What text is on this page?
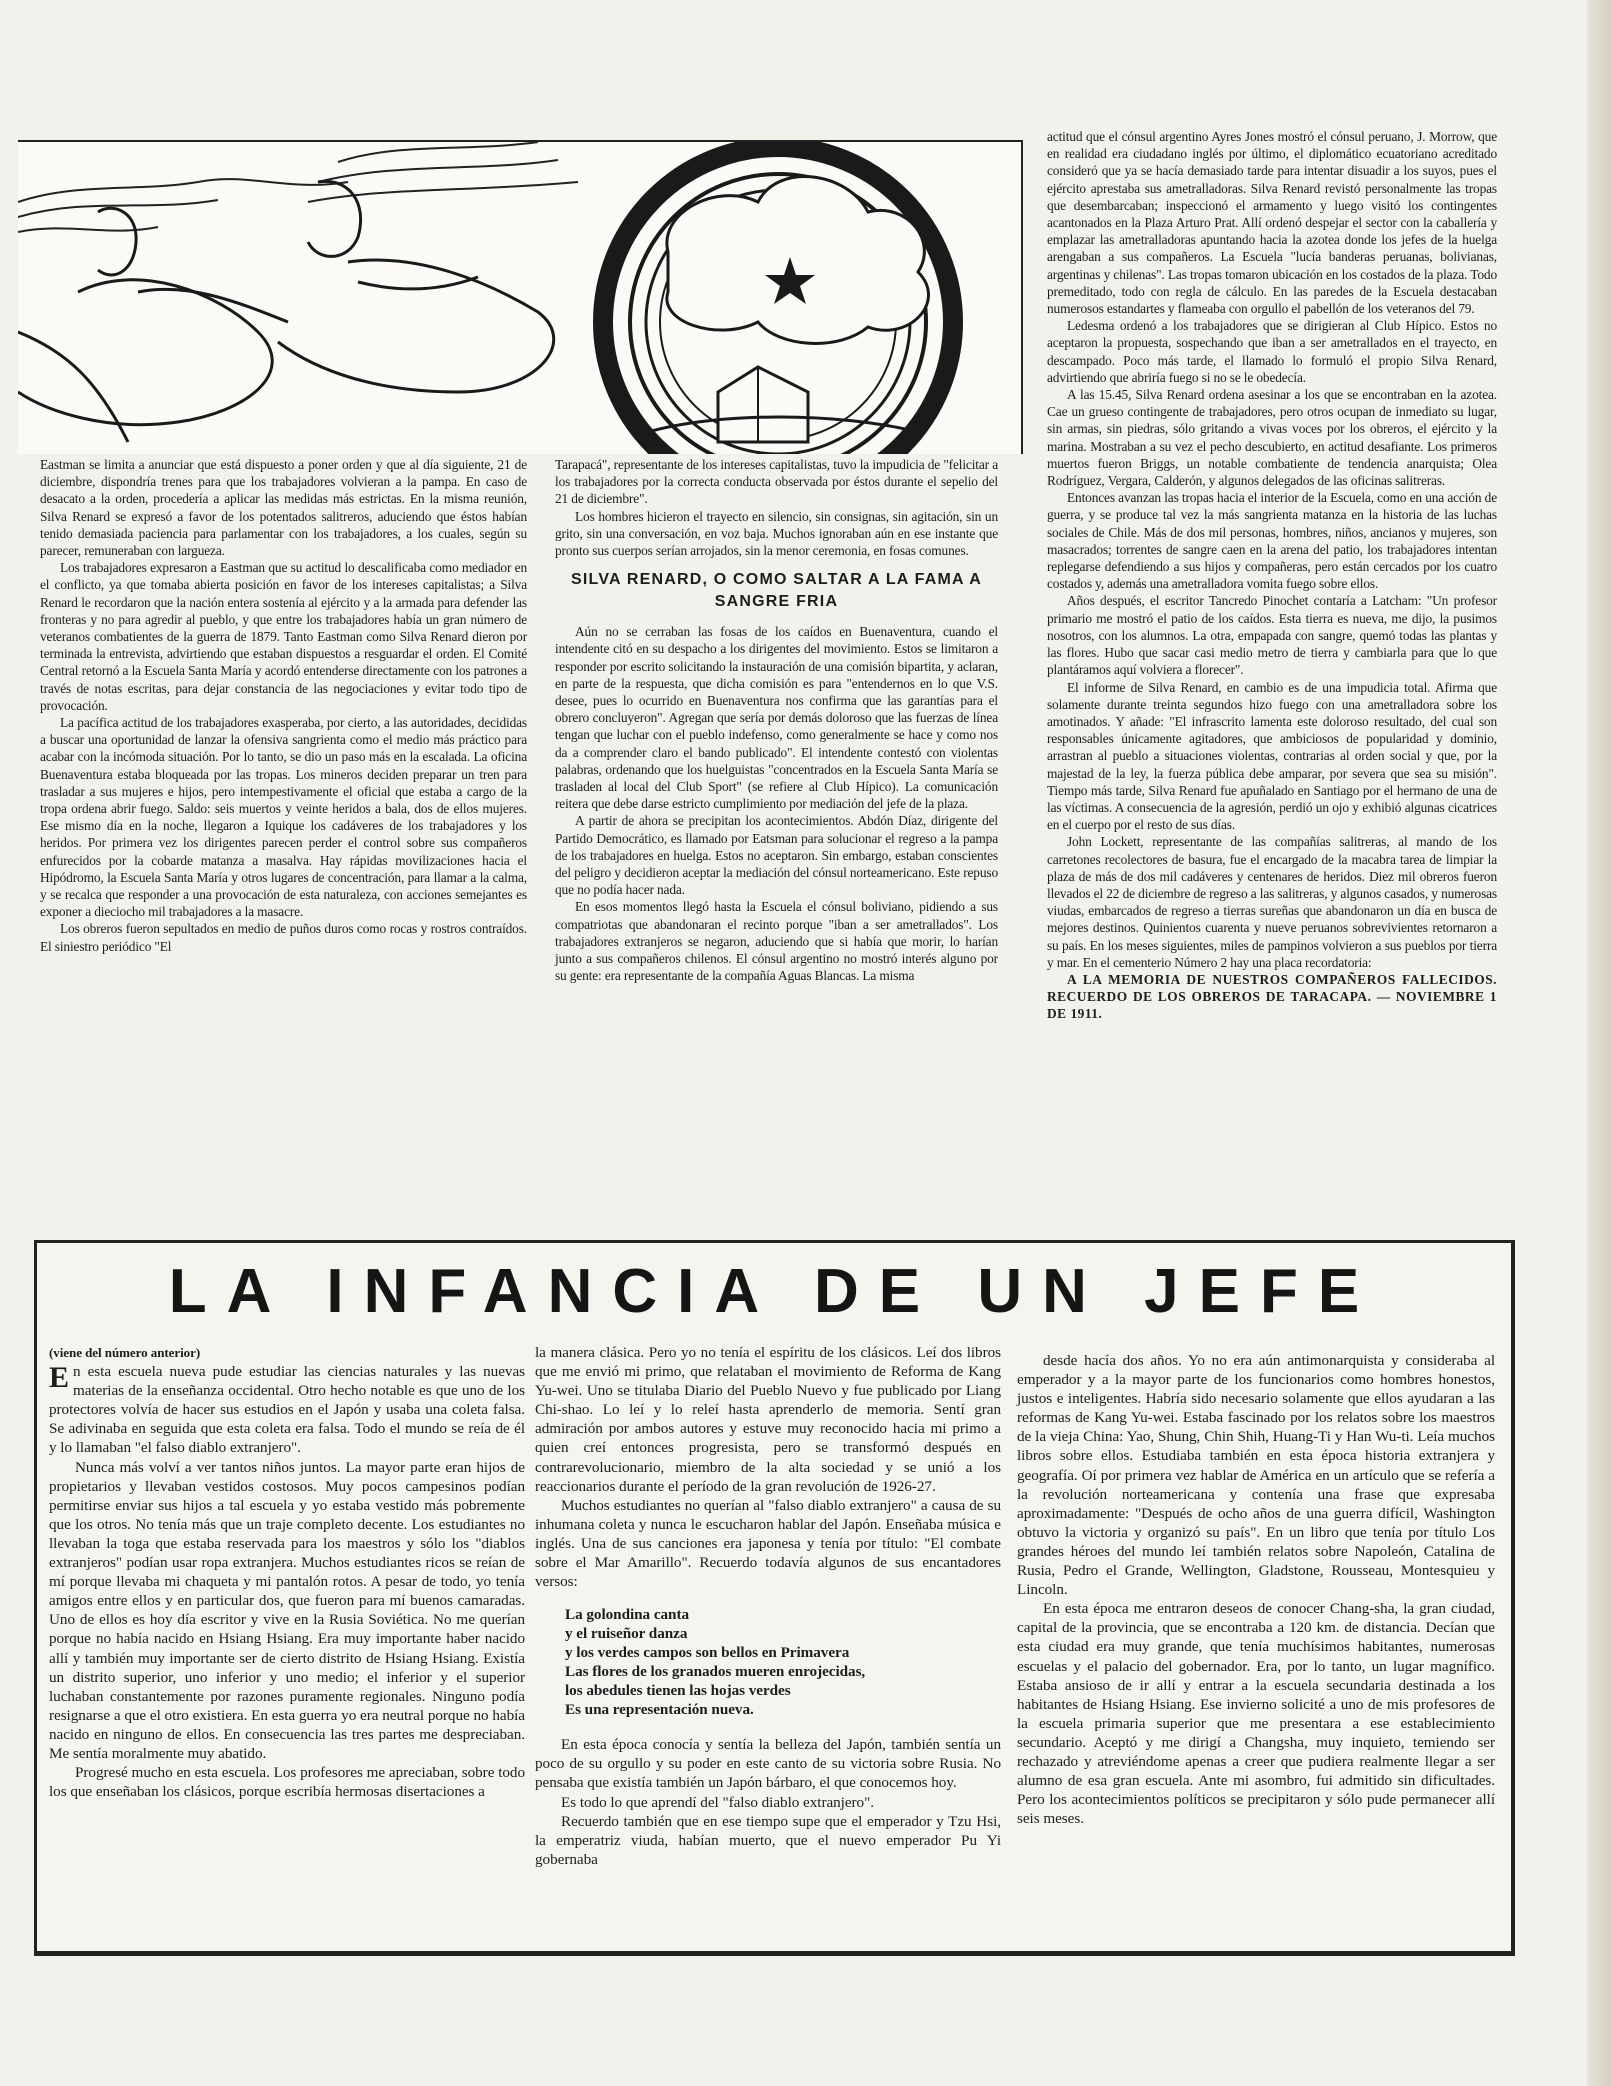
Eastman se limita a anunciar que está dispuesto a poner orden y que al día siguiente, 21 de diciembre, dispondría trenes para que los trabajadores volvieran a la pampa. En caso de desacato a la orden, procedería a aplicar las medidas más estrictas. En la misma reunión, Silva Renard se expresó a favor de los potentados salitreros, aduciendo que éstos habían tenido demasiada paciencia para parlamentar con los trabajadores, a los cuales, según su parecer, remuneraban con largueza.

Los trabajadores expresaron a Eastman que su actitud lo descalificaba como mediador en el conflicto, ya que tomaba abierta posición en favor de los intereses capitalistas; a Silva Renard le recordaron que la nación entera sostenía al ejército y a la armada para defender las fronteras y no para agredir al pueblo, y que entre los trabajadores había un gran número de veteranos combatientes de la guerra de 1879. Tanto Eastman como Silva Renard dieron por terminada la entrevista, advirtiendo que estaban dispuestos a resguardar el orden. El Comité Central retornó a la Escuela Santa María y acordó entenderse directamente con los patrones a través de notas escritas, para dejar constancia de las negociaciones y evitar todo tipo de provocación.

La pacífica actitud de los trabajadores exasperaba, por cierto, a las autoridades, decididas a buscar una oportunidad de lanzar la ofensiva sangrienta como el medio más práctico para acabar con la incómoda situación. Por lo tanto, se dio un paso más en la escalada. La oficina Buenaventura estaba bloqueada por las tropas. Los mineros deciden preparar un tren para trasladar a sus mujeres e hijos, pero intempestivamente el oficial que estaba a cargo de la tropa ordena abrir fuego. Saldo: seis muertos y veinte heridos a bala, dos de ellos mujeres. Ese mismo día en la noche, llegaron a Iquique los cadáveres de los trabajadores y los heridos. Por primera vez los dirigentes parecen perder el control sobre sus compañeros enfurecidos por la cobarde matanza a masalva. Hay rápidas movilizaciones hacia el Hipódromo, la Escuela Santa María y otros lugares de concentración, para llamar a la calma, y se recalca que responder a una provocación de esta naturaleza, con acciones semejantes es exponer a dieciocho mil trabajadores a la masacre.

Los obreros fueron sepultados en medio de puños duros como rocas y rostros contraídos. El siniestro periódico "El

Tarapacá", representante de los intereses capitalistas, tuvo la impudicia de "felicitar a los trabajadores por la correcta conducta observada por éstos durante el sepelio del 21 de diciembre".

Los hombres hicieron el trayecto en silencio, sin consignas, sin agitación, sin un grito, sin una conversación, en voz baja. Muchos ignoraban aún en ese instante que pronto sus cuerpos serían arrojados, sin la menor ceremonia, en fosas comunes.

SILVA RENARD, O COMO SALTAR A LA FAMA A SANGRE FRIA

Aún no se cerraban las fosas de los caídos en Buenaventura, cuando el intendente citó en su despacho a los dirigentes del movimiento. Estos se limitaron a responder por escrito solicitando la instauración de una comisión bipartita, y aclaran, en parte de la respuesta, que dicha comisión es para "entendernos en lo que V.S. desee, pues lo ocurrido en Buenaventura nos confirma que las garantías para el obrero concluyeron". Agregan que sería por demás doloroso que las fuerzas de línea tengan que luchar con el pueblo indefenso, como generalmente se hace y como nos da a comprender claro el bando publicado". El intendente contestó con violentas palabras, ordenando que los huelguistas "concentrados en la Escuela Santa María se trasladen al local del Club Sport" (se refiere al Club Hípico). La comunicación reitera que debe darse estricto cumplimiento por mediación del jefe de la plaza.

A partir de ahora se precipitan los acontecimientos. Abdón Díaz, dirigente del Partido Democrático, es llamado por Eatsman para solucionar el regreso a la pampa de los trabajadores en huelga. Estos no aceptaron. Sin embargo, estaban conscientes del peligro y decidieron aceptar la mediación del cónsul norteamericano. Este repuso que no podía hacer nada.

En esos momentos llegó hasta la Escuela el cónsul boliviano, pidiendo a sus compatriotas que abandonaran el recinto porque "iban a ser ametrallados". Los trabajadores extranjeros se negaron, aduciendo que si había que morir, lo harían junto a sus compañeros chilenos. El cónsul argentino no mostró interés alguno por su gente: era representante de la compañía Aguas Blancas. La misma

actitud que el cónsul argentino Ayres Jones mostró el cónsul peruano, J. Morrow, que en realidad era ciudadano inglés por último, el diplomático ecuatoriano acreditado consideró que ya se hacía demasiado tarde para intentar disuadir a los suyos, pues el ejército aprestaba sus ametralladoras. Silva Renard revistó personalmente las tropas que desembarcaban; inspeccionó el armamento y luego visitó los contingentes acantonados en la Plaza Arturo Prat. Allí ordenó despejar el sector con la caballería y emplazar las ametralladoras apuntando hacia la azotea donde los jefes de la huelga arengaban a sus compañeros. La Escuela "lucía banderas peruanas, bolivianas, argentinas y chilenas". Las tropas tomaron ubicación en los costados de la plaza. Todo premeditado, todo con regla de cálculo. En las paredes de la Escuela destacaban numerosos estandartes y flameaba con orgullo el pabellón de los veteranos del 79.

Ledesma ordenó a los trabajadores que se dirigieran al Club Hípico. Estos no aceptaron la propuesta, sospechando que iban a ser ametrallados en el trayecto, en descampado. Poco más tarde, el llamado lo formuló el propio Silva Renard, advirtiendo que abriría fuego si no se le obedecía.

A las 15.45, Silva Renard ordena asesinar a los que se encontraban en la azotea. Cae un grueso contingente de trabajadores, pero otros ocupan de inmediato su lugar, sin armas, sin piedras, sólo gritando a vivas voces por los obreros, el ejército y la marina. Mostraban a su vez el pecho descubierto, en actitud desafiante. Los primeros muertos fueron Briggs, un notable combatiente de tendencia anarquista; Olea Rodríguez, Vergara, Calderón, y algunos delegados de las oficinas salitreras.

Entonces avanzan las tropas hacia el interior de la Escuela, como en una acción de guerra, y se produce tal vez la más sangrienta matanza en la historia de las luchas sociales de Chile. Más de dos mil personas, hombres, niños, ancianos y mujeres, son masacrados; torrentes de sangre caen en la arena del patio, los trabajadores intentan replegarse defendiendo a sus hijos y compañeras, pero están cercados por los cuatro costados y, además una ametralladora vomita fuego sobre ellos.

Años después, el escritor Tancredo Pinochet contaría a Latcham: "Un profesor primario me mostró el patio de los caídos. Esta tierra es nueva, me dijo, la pusimos nosotros, con los alumnos. La otra, empapada con sangre, quemó todas las plantas y las flores. Hubo que sacar casi medio metro de tierra y cambiarla para que lo que plantáramos aquí volviera a florecer".

El informe de Silva Renard, en cambio es de una impudicia total. Afirma que solamente durante treinta segundos hizo fuego con una ametralladora sobre los amotinados. Y añade: "El infrascrito lamenta este doloroso resultado, del cual son responsables únicamente agitadores, que ambiciosos de popularidad y dominio, arrastran al pueblo a situaciones violentas, contrarias al orden social y que, por la majestad de la ley, la fuerza pública debe amparar, por severa que sea su misión". Tiempo más tarde, Silva Renard fue apuñalado en Santiago por el hermano de una de las víctimas. A consecuencia de la agresión, perdió un ojo y exhibió algunas cicatrices en el cuerpo por el resto de sus días.

John Lockett, representante de las compañías salitreras, al mando de los carretones recolectores de basura, fue el encargado de la macabra tarea de limpiar la plaza de más de dos mil cadáveres y centenares de heridos. Diez mil obreros fueron llevados el 22 de diciembre de regreso a las salitreras, y algunos casados, y numerosas viudas, embarcados de regreso a tierras sureñas que abandonaron un día en busca de mejores destinos. Quinientos cuarenta y nueve peruanos sobrevivientes retornaron a su país. En los meses siguientes, miles de pampinos volvieron a sus pueblos por tierra y mar. En el cementerio Número 2 hay una placa recordatoria:

A LA MEMORIA DE NUESTROS COMPAÑEROS FALLECIDOS. RECUERDO DE LOS OBREROS DE TARACAPA. — NOVIEMBRE 1 DE 1911.

LA INFANCIA DE UN JEFE

(viene del número anterior)

En esta escuela nueva pude estudiar las ciencias naturales y las nuevas materias de la enseñanza occidental. Otro hecho notable es que uno de los protectores volvía de hacer sus estudios en el Japón y usaba una coleta falsa. Se adivinaba en seguida que esta coleta era falsa. Todo el mundo se reía de él y lo llamaban "el falso diablo extranjero".

Nunca más volví a ver tantos niños juntos. La mayor parte eran hijos de propietarios y llevaban vestidos costosos. Muy pocos campesinos podían permitirse enviar sus hijos a tal escuela y yo estaba vestido más pobremente que los otros. No tenía más que un traje completo decente. Los estudiantes no llevaban la toga que estaba reservada para los maestros y sólo los "diablos extranjeros" podían usar ropa extranjera. Muchos estudiantes ricos se reían de mí porque llevaba mi chaqueta y mi pantalón rotos. A pesar de todo, yo tenía amigos entre ellos y en particular dos, que fueron para mí buenos camaradas. Uno de ellos es hoy día escritor y vive en la Rusia Soviética. No me querían porque no había nacido en Hsiang Hsiang. Era muy importante haber nacido allí y también muy importante ser de cierto distrito de Hsiang Hsiang. Existía un distrito superior, uno inferior y uno medio; el inferior y el superior luchaban constantemente por razones puramente regionales. Ninguno podía resignarse a que el otro existiera. En esta guerra yo era neutral porque no había nacido en ninguno de ellos. En consecuencia las tres partes me despreciaban. Me sentía moralmente muy abatido.

Progresé mucho en esta escuela. Los profesores me apreciaban, sobre todo los que enseñaban los clásicos, porque escribía hermosas disertaciones a

la manera clásica. Pero yo no tenía el espíritu de los clásicos. Leí dos libros que me envió mi primo, que relataban el movimiento de Reforma de Kang Yu-wei. Uno se titulaba Diario del Pueblo Nuevo y fue publicado por Liang Chi-shao. Lo leí y lo releí hasta aprenderlo de memoria. Sentí gran admiración por ambos autores y estuve muy reconocido hacia mi primo a quien creí entonces progresista, pero se transformó después en contrarevolucionario, miembro de la alta sociedad y se unió a los reaccionarios durante el período de la gran revolución de 1926-27.

Muchos estudiantes no querían al "falso diablo extranjero" a causa de su inhumana coleta y nunca le escucharon hablar del Japón. Enseñaba música e inglés. Una de sus canciones era japonesa y tenía por título: "El combate sobre el Mar Amarillo". Recuerdo todavía algunos de sus encantadores versos:

La golondina canta
y el ruiseñor danza
y los verdes campos son bellos en Primavera
Las flores de los granados mueren enrojecidas,
los abedules tienen las hojas verdes
Es una representación nueva.

En esta época conocía y sentía la belleza del Japón, también sentía un poco de su orgullo y su poder en este canto de su victoria sobre Rusia. No pensaba que existía también un Japón bárbaro, el que conocemos hoy.

Es todo lo que aprendí del "falso diablo extranjero".

Recuerdo también que en ese tiempo supe que el emperador y Tzu Hsi, la emperatriz viuda, habían muerto, que el nuevo emperador Pu Yi gobernaba

desde hacía dos años. Yo no era aún antimonarquista y consideraba al emperador y a la mayor parte de los funcionarios como hombres honestos, justos e inteligentes. Habría sido necesario solamente que ellos ayudaran a las reformas de Kang Yu-wei. Estaba fascinado por los relatos sobre los maestros de la vieja China: Yao, Shung, Chin Shih, Huang-Ti y Han Wu-ti. Leía muchos libros sobre ellos. Estudiaba también en esta época historia extranjera y geografía. Oí por primera vez hablar de América en un artículo que se refería a la revolución norteamericana y contenía una frase que expresaba aproximadamente: "Después de ocho años de una guerra difícil, Washington obtuvo la victoria y organizó su país". En un libro que tenía por título Los grandes héroes del mundo leí también relatos sobre Napoleón, Catalina de Rusia, Pedro el Grande, Wellington, Gladstone, Rousseau, Montesquieu y Lincoln.

En esta época me entraron deseos de conocer Chang-sha, la gran ciudad, capital de la provincia, que se encontraba a 120 km. de distancia. Decían que esta ciudad era muy grande, que tenía muchísimos habitantes, numerosas escuelas y el palacio del gobernador. Era, por lo tanto, un lugar magnífico. Estaba ansioso de ir allí y entrar a la escuela secundaria destinada a los habitantes de Hsiang Hsiang. Ese invierno solicité a uno de mis profesores de la escuela primaria superior que me presentara a ese establecimiento secundario. Aceptó y me dirigí a Changsha, muy inquieto, temiendo ser rechazado y atreviéndome apenas a creer que pudiera realmente llegar a ser alumno de esa gran escuela. Ante mi asombro, fui admitido sin dificultades. Pero los acontecimientos políticos se precipitaron y sólo pude permanecer allí seis meses.
